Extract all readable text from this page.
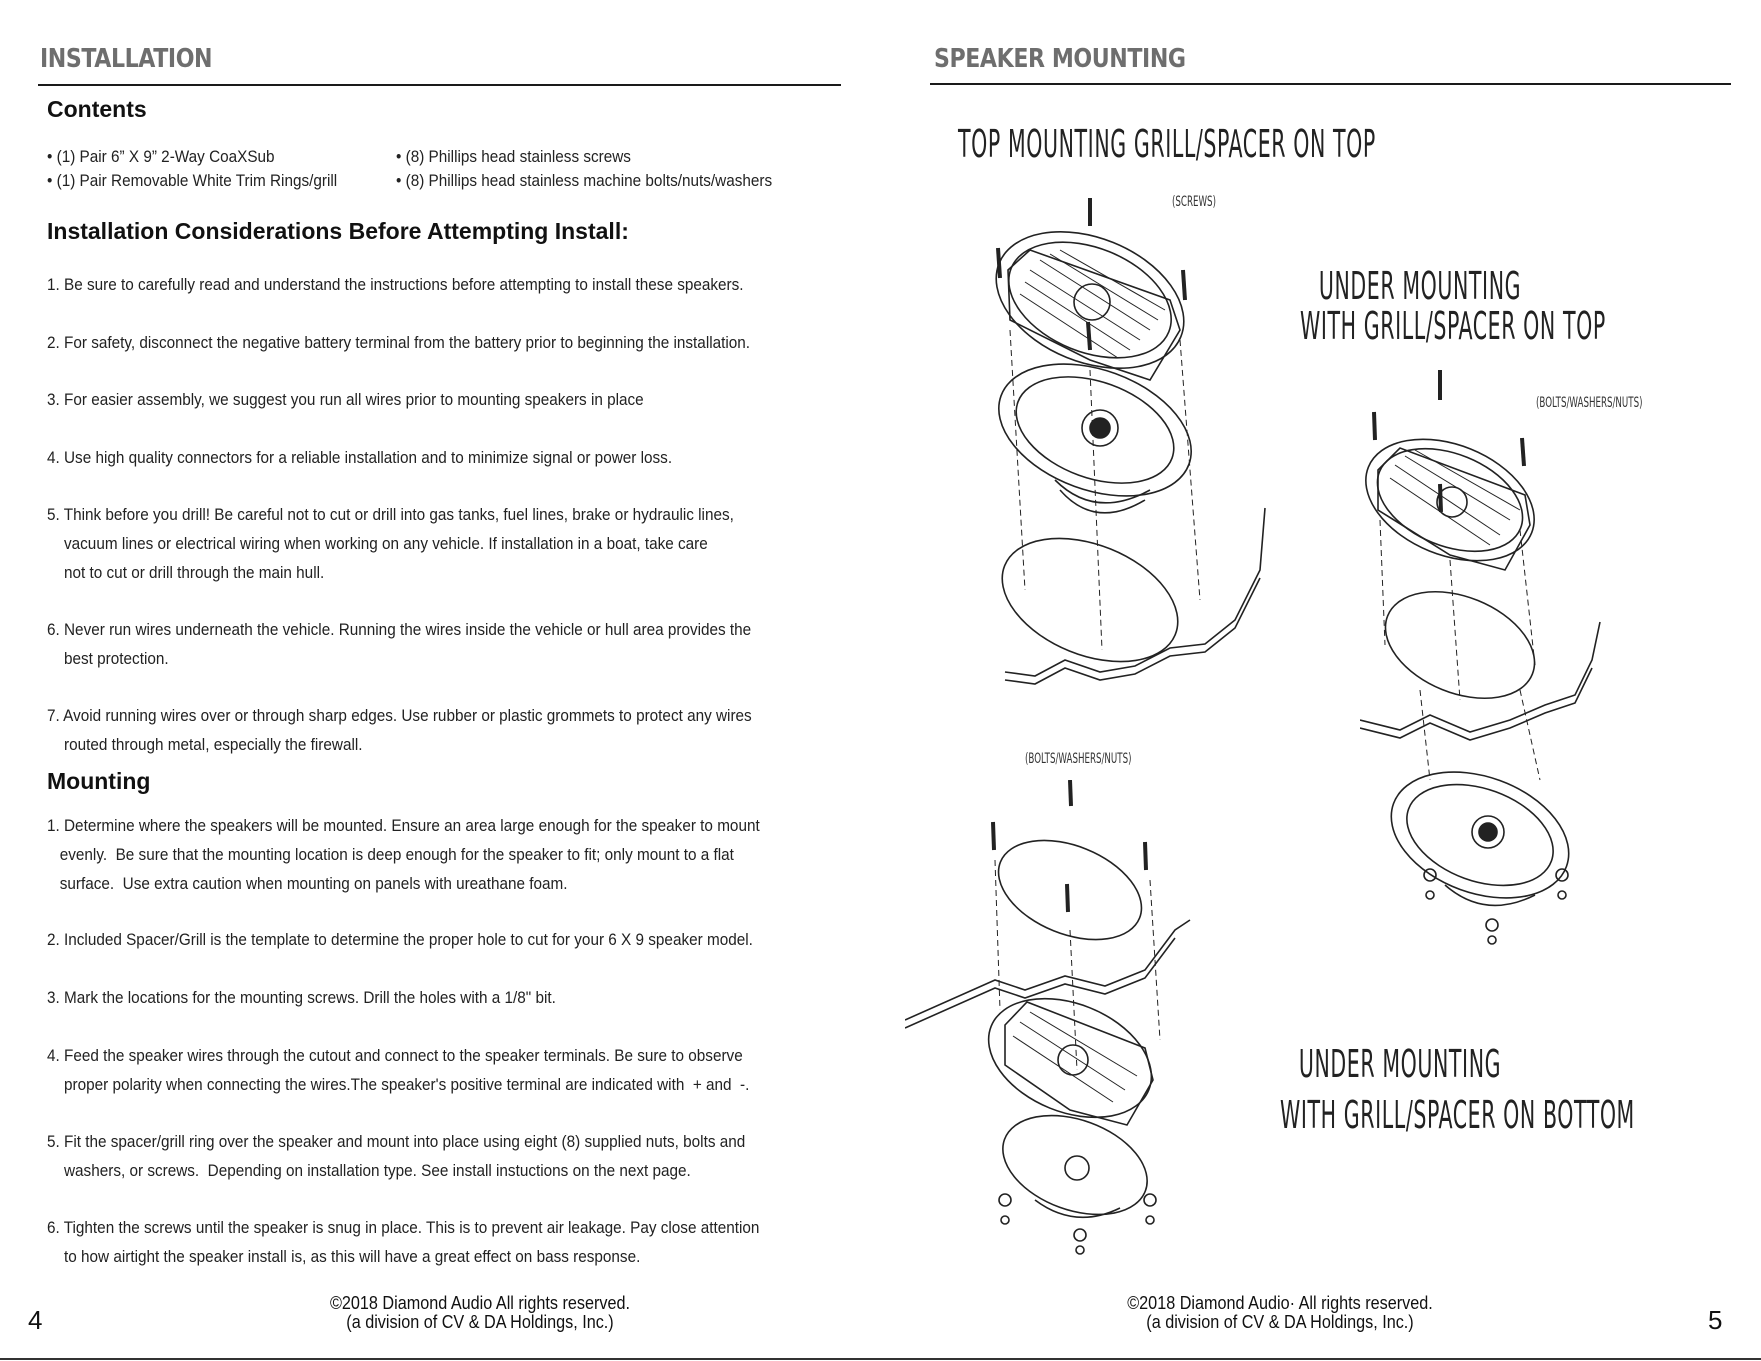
INSTALLATION
Contents
• (1) Pair 6” X 9” 2-Way CoaXSub
• (1) Pair Removable White Trim Rings/grill
• (8) Phillips head stainless screws
• (8) Phillips head stainless machine bolts/nuts/washers
Installation Considerations Before Attempting Install:
1. Be sure to carefully read and understand the instructions before attempting to install these speakers.
2. For safety, disconnect the negative battery terminal from the battery prior to beginning the installation.
3. For easier assembly, we suggest you run all wires prior to mounting speakers in place
4. Use high quality connectors for a reliable installation and to minimize signal or power loss.
5. Think before you drill! Be careful not to cut or drill into gas tanks, fuel lines, brake or hydraulic lines,
vacuum lines or electrical wiring when working on any vehicle. If installation in a boat, take care
not to cut or drill through the main hull.
6. Never run wires underneath the vehicle. Running the wires inside the vehicle or hull area provides the
best protection.
7. Avoid running wires over or through sharp edges. Use rubber or plastic grommets to protect any wires
routed through metal, especially the firewall.
Mounting
1. Determine where the speakers will be mounted. Ensure an area large enough for the speaker to mount
evenly.  Be sure that the mounting location is deep enough for the speaker to fit; only mount to a flat
surface.  Use extra caution when mounting on panels with ureathane foam.
2. Included Spacer/Grill is the template to determine the proper hole to cut for your 6 X 9 speaker model.
3. Mark the locations for the mounting screws. Drill the holes with a 1/8" bit.
4. Feed the speaker wires through the cutout and connect to the speaker terminals. Be sure to observe
proper polarity when connecting the wires.The speaker's positive terminal are indicated with  + and  -.
5. Fit the spacer/grill ring over the speaker and mount into place using eight (8) supplied nuts, bolts and
washers, or screws.  Depending on installation type. See install instuctions on the next page.
6. Tighten the screws until the speaker is snug in place. This is to prevent air leakage. Pay close attention
to how airtight the speaker install is, as this will have a great effect on bass response.
©2018 Diamond Audio All rights reserved.
(a division of CV & DA Holdings, Inc.)
4
SPEAKER MOUNTING
TOP MOUNTING GRILL/SPACER ON TOP
(SCREWS)
UNDER MOUNTING
WITH GRILL/SPACER ON TOP
(BOLTS/WASHERS/NUTS)
(BOLTS/WASHERS/NUTS)
UNDER MOUNTING
WITH GRILL/SPACER ON BOTTOM
©2018 Diamond Audio· All rights reserved.
(a division of CV & DA Holdings, Inc.)	5
